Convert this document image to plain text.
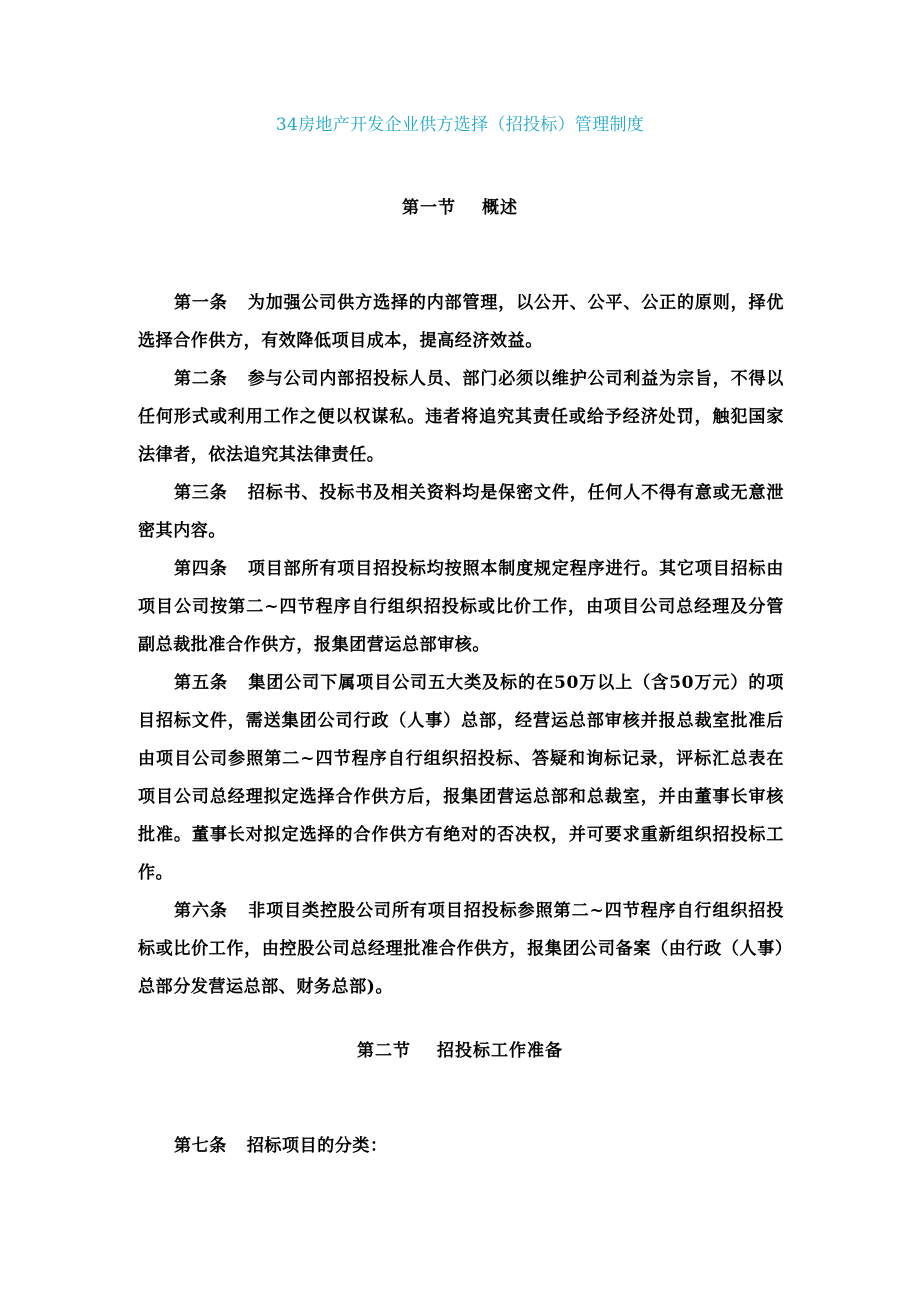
34房地产开发企业供方选择（招投标）管理制度
第一节 概述

第一条 为加强公司供方选择的内部管理，以公开、公平、公正的原则，择优选择合作供方，有效降低项目成本，提高经济效益。

第二条 参与公司内部招投标人员、部门必须以维护公司利益为宗旨，不得以任何形式或利用工作之便以权谋私。违者将追究其责任或给予经济处罚，触犯国家法律者，依法追究其法律责任。

第三条 招标书、投标书及相关资料均是保密文件，任何人不得有意或无意泄密其内容。

第四条 项目部所有项目招投标均按照本制度规定程序进行。其它项目招标由项目公司按第二~四节程序自行组织招投标或比价工作，由项目公司总经理及分管副总裁批准合作供方，报集团营运总部审核。

第五条 集团公司下属项目公司五大类及标的在50万以上（含50万元）的项目招标文件，需送集团公司行政（人事）总部，经营运总部审核并报总裁室批准后由项目公司参照第二~四节程序自行组织招投标、答疑和询标记录，评标汇总表在项目公司总经理拟定选择合作供方后，报集团营运总部和总裁室，并由董事长审核批准。董事长对拟定选择的合作供方有绝对的否决权，并可要求重新组织招投标工作。

第六条 非项目类控股公司所有项目招投标参照第二~四节程序自行组织招投标或比价工作，由控股公司总经理批准合作供方，报集团公司备案（由行政（人事）总部分发营运总部、财务总部)。

第二节 招投标工作准备

第七条 招标项目的分类：
